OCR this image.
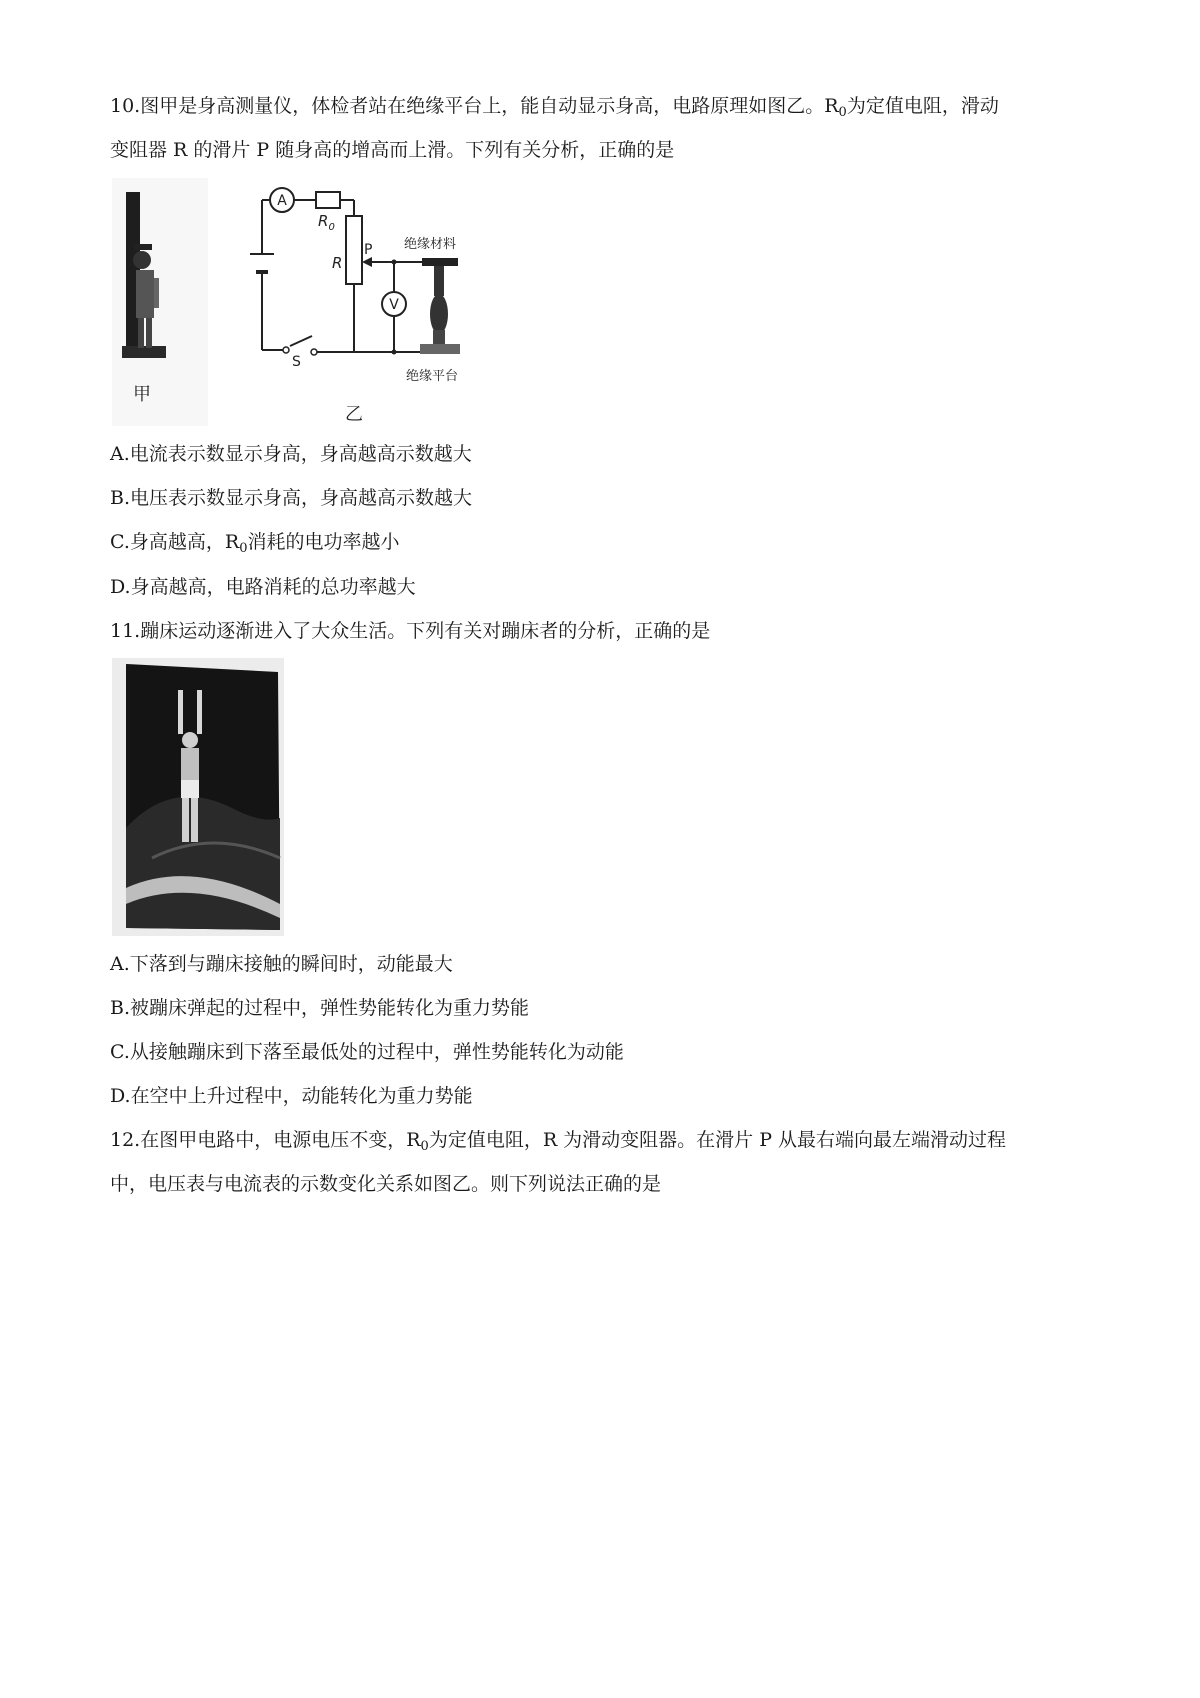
10.图甲是身高测量仪，体检者站在绝缘平台上，能自动显示身高，电路原理如图乙。$R_0$为定值电阻，滑动
变阻器 R 的滑片 P 随身高的增高而上滑。下列有关分析，正确的是
甲
A
V
$R_0$
R
P
S
绝缘材料
绝缘平台
乙
A.电流表示数显示身高，身高越高示数越大
B.电压表示数显示身高，身高越高示数越大
C.身高越高，$R_0$消耗的电功率越小
D.身高越高，电路消耗的总功率越大
11.蹦床运动逐渐进入了大众生活。下列有关对蹦床者的分析，正确的是
A.下落到与蹦床接触的瞬间时，动能最大
B.被蹦床弹起的过程中，弹性势能转化为重力势能
C.从接触蹦床到下落至最低处的过程中，弹性势能转化为动能
D.在空中上升过程中，动能转化为重力势能
12.在图甲电路中，电源电压不变，$R_0$为定值电阻，R 为滑动变阻器。在滑片 P 从最右端向最左端滑动过程
中，电压表与电流表的示数变化关系如图乙。则下列说法正确的是
